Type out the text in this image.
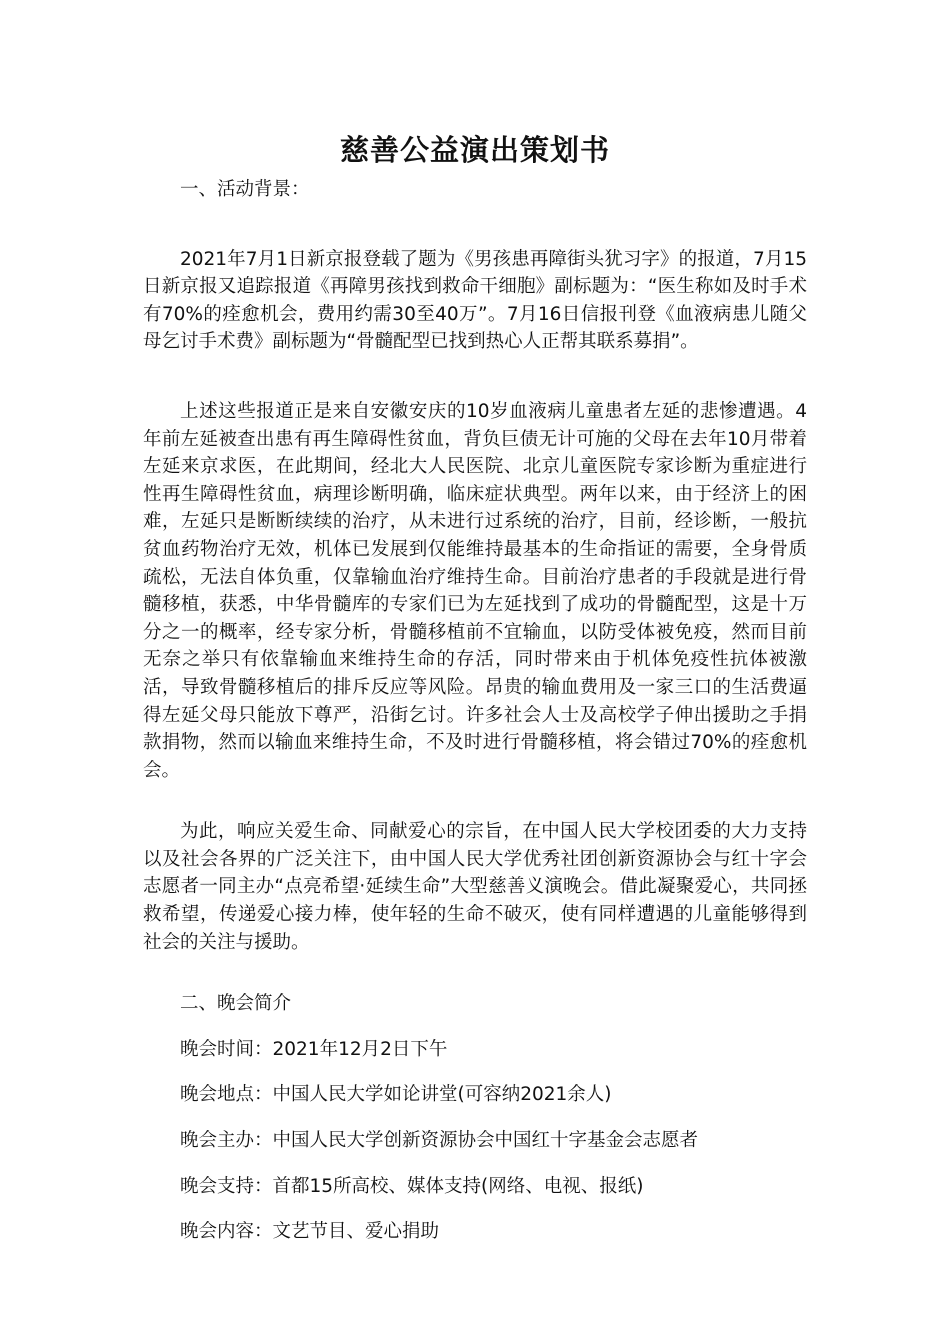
慈善公益演出策划书

一、活动背景：

2021年7月1日新京报登载了题为《男孩患再障街头犹习字》的报道，7月15日新京报又追踪报道《再障男孩找到救命干细胞》副标题为：“医生称如及时手术有70%的痊愈机会，费用约需30至40万”。7月16日信报刊登《血液病患儿随父母乞讨手术费》副标题为“骨髓配型已找到热心人正帮其联系募捐”。

上述这些报道正是来自安徽安庆的10岁血液病儿童患者左延的悲惨遭遇。4年前左延被查出患有再生障碍性贫血，背负巨债无计可施的父母在去年10月带着左延来京求医，在此期间，经北大人民医院、北京儿童医院专家诊断为重症进行性再生障碍性贫血，病理诊断明确，临床症状典型。两年以来，由于经济上的困难，左延只是断断续续的治疗，从未进行过系统的治疗，目前，经诊断，一般抗贫血药物治疗无效，机体已发展到仅能维持最基本的生命指证的需要，全身骨质疏松，无法自体负重，仅靠输血治疗维持生命。目前治疗患者的手段就是进行骨髓移植，获悉，中华骨髓库的专家们已为左延找到了成功的骨髓配型，这是十万分之一的概率，经专家分析，骨髓移植前不宜输血，以防受体被免疫，然而目前无奈之举只有依靠输血来维持生命的存活，同时带来由于机体免疫性抗体被激活，导致骨髓移植后的排斥反应等风险。昂贵的输血费用及一家三口的生活费逼得左延父母只能放下尊严，沿街乞讨。许多社会人士及高校学子伸出援助之手捐款捐物，然而以输血来维持生命，不及时进行骨髓移植，将会错过70%的痊愈机会。

为此，响应关爱生命、同献爱心的宗旨，在中国人民大学校团委的大力支持以及社会各界的广泛关注下，由中国人民大学优秀社团创新资源协会与红十字会志愿者一同主办“点亮希望·延续生命”大型慈善义演晚会。借此凝聚爱心，共同拯救希望，传递爱心接力棒，使年轻的生命不破灭，使有同样遭遇的儿童能够得到社会的关注与援助。

二、晚会简介

晚会时间：2021年12月2日下午

晚会地点：中国人民大学如论讲堂(可容纳2021余人)

晚会主办：中国人民大学创新资源协会中国红十字基金会志愿者

晚会支持：首都15所高校、媒体支持(网络、电视、报纸)

晚会内容：文艺节目、爱心捐助
